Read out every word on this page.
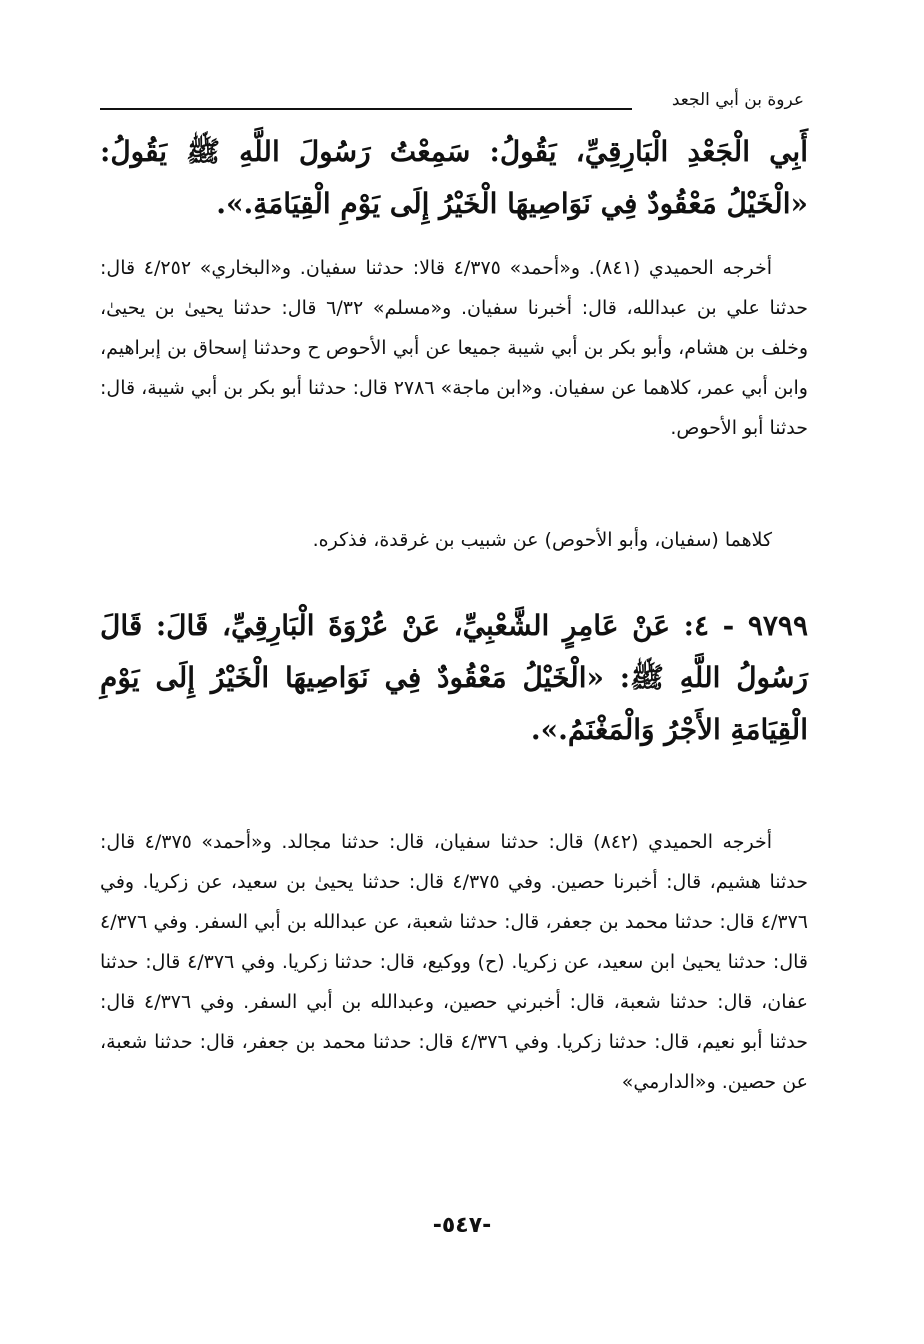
عروة بن أبي الجعد

أَبِي الْجَعْدِ الْبَارِقِيِّ، يَقُولُ: سَمِعْتُ رَسُولَ اللَّهِ ﷺ يَقُولُ: «الْخَيْلُ مَعْقُودٌ فِي نَوَاصِيهَا الْخَيْرُ إِلَى يَوْمِ الْقِيَامَةِ.».

أخرجه الحميدي (٨٤١). و«أحمد» ٤/٣٧٥ قالا: حدثنا سفيان. و«البخاري» ٤/٢٥٢ قال: حدثنا علي بن عبدالله، قال: أخبرنا سفيان. و«مسلم» ٦/٣٢ قال: حدثنا يحيىٰ بن يحيىٰ، وخلف بن هشام، وأبو بكر بن أبي شيبة جميعا عن أبي الأحوص ح وحدثنا إسحاق بن إبراهيم، وابن أبي عمر، كلاهما عن سفيان. و«ابن ماجة» ٢٧٨٦ قال: حدثنا أبو بكر بن أبي شيبة، قال: حدثنا أبو الأحوص.

كلاهما (سفيان، وأبو الأحوص) عن شبيب بن غرقدة، فذكره.

٩٧٩٩ - ٤: عَنْ عَامِرٍ الشَّعْبِيِّ، عَنْ عُرْوَةَ الْبَارِقِيِّ، قَالَ: قَالَ رَسُولُ اللَّهِ ﷺ: «الْخَيْلُ مَعْقُودٌ فِي نَوَاصِيهَا الْخَيْرُ إِلَى يَوْمِ الْقِيَامَةِ الأَجْرُ وَالْمَغْنَمُ.».

أخرجه الحميدي (٨٤٢) قال: حدثنا سفيان، قال: حدثنا مجالد. و«أحمد» ٤/٣٧٥ قال: حدثنا هشيم، قال: أخبرنا حصين. وفي ٤/٣٧٥ قال: حدثنا يحيىٰ بن سعيد، عن زكريا. وفي ٤/٣٧٦ قال: حدثنا محمد بن جعفر، قال: حدثنا شعبة، عن عبدالله بن أبي السفر. وفي ٤/٣٧٦ قال: حدثنا يحيىٰ ابن سعيد، عن زكريا. (ح) ووكيع، قال: حدثنا زكريا. وفي ٤/٣٧٦ قال: حدثنا عفان، قال: حدثنا شعبة، قال: أخبرني حصين، وعبدالله بن أبي السفر. وفي ٤/٣٧٦ قال: حدثنا أبو نعيم، قال: حدثنا زكريا. وفي ٤/٣٧٦ قال: حدثنا محمد بن جعفر، قال: حدثنا شعبة، عن حصين. و«الدارمي»

-٥٤٧-
